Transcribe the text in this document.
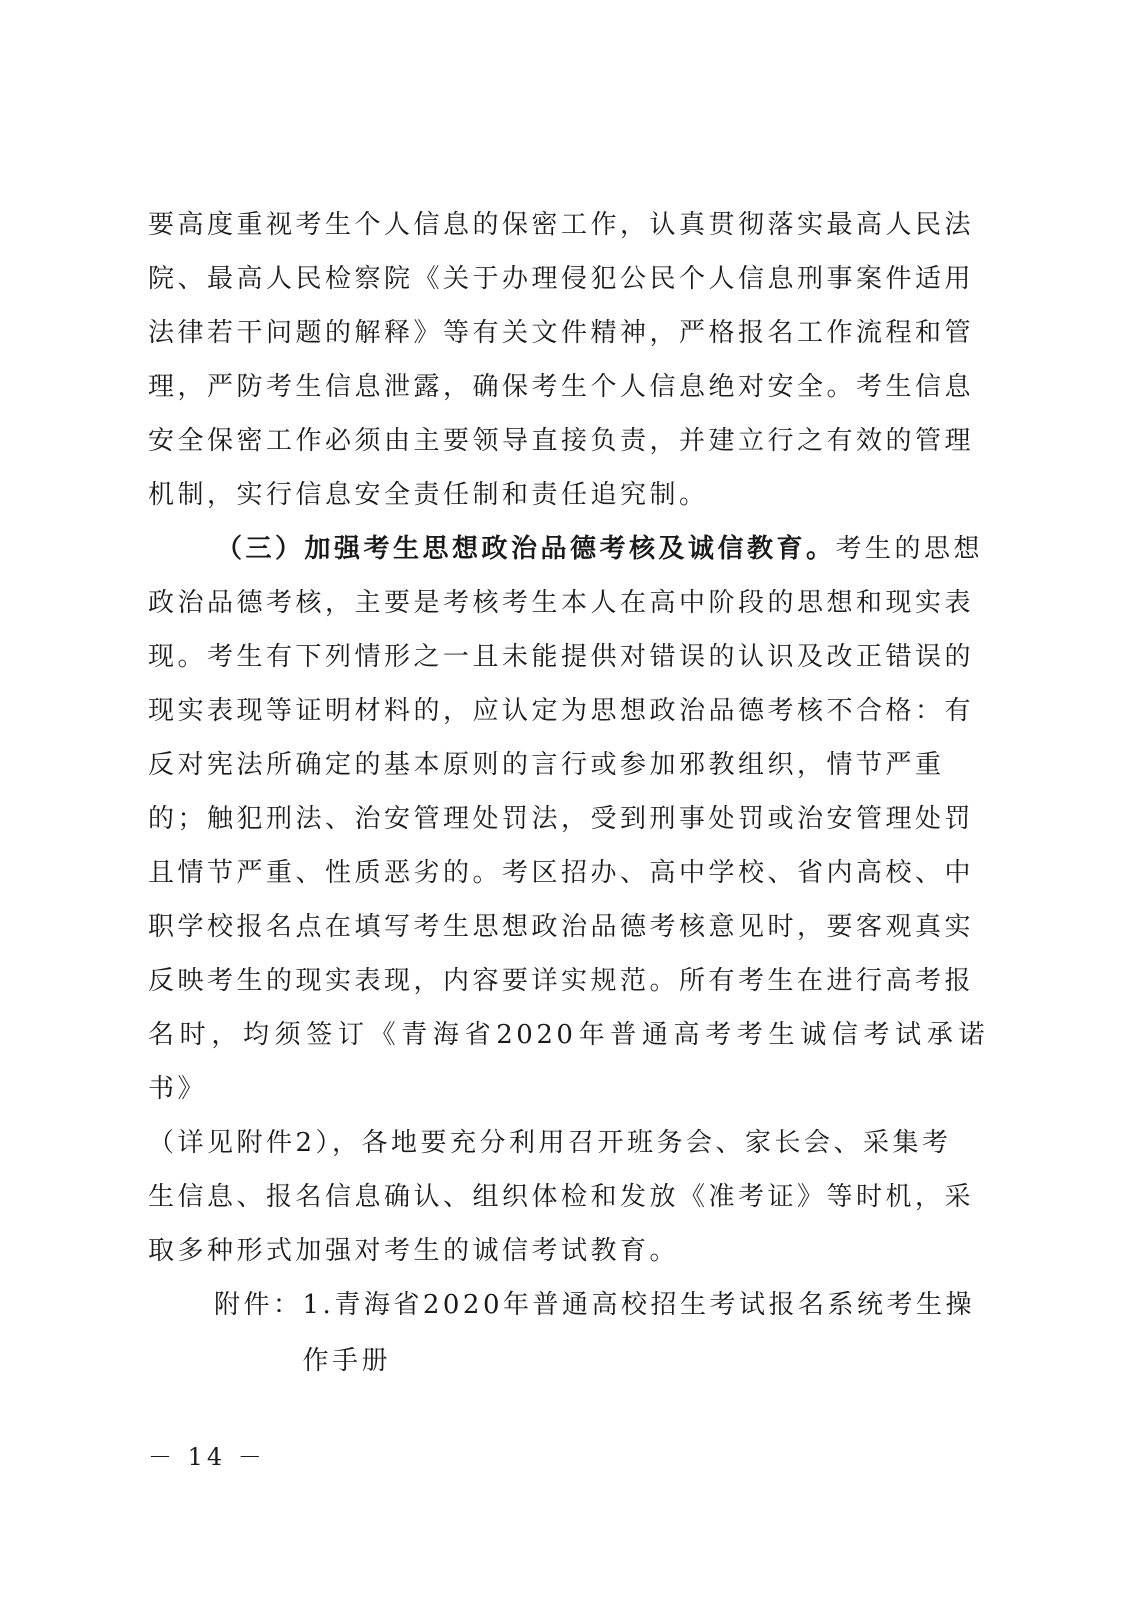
要高度重视考生个人信息的保密工作，认真贯彻落实最高人民法
院、最高人民检察院《关于办理侵犯公民个人信息刑事案件适用
法律若干问题的解释》等有关文件精神，严格报名工作流程和管
理，严防考生信息泄露，确保考生个人信息绝对安全。考生信息
安全保密工作必须由主要领导直接负责，并建立行之有效的管理
机制，实行信息安全责任制和责任追究制。

（三）加强考生思想政治品德考核及诚信教育。考生的思想
政治品德考核，主要是考核考生本人在高中阶段的思想和现实表
现。考生有下列情形之一且未能提供对错误的认识及改正错误的
现实表现等证明材料的，应认定为思想政治品德考核不合格：有
反对宪法所确定的基本原则的言行或参加邪教组织，情节严重
的；触犯刑法、治安管理处罚法，受到刑事处罚或治安管理处罚
且情节严重、性质恶劣的。考区招办、高中学校、省内高校、中
职学校报名点在填写考生思想政治品德考核意见时，要客观真实
反映考生的现实表现，内容要详实规范。所有考生在进行高考报
名时，均须签订《青海省2020年普通高考考生诚信考试承诺书》
（详见附件2），各地要充分利用召开班务会、家长会、采集考
生信息、报名信息确认、组织体检和发放《准考证》等时机，采
取多种形式加强对考生的诚信考试教育。

附件： 1.青海省2020年普通高校招生考试报名系统考生操
作手册
－ 14 －
